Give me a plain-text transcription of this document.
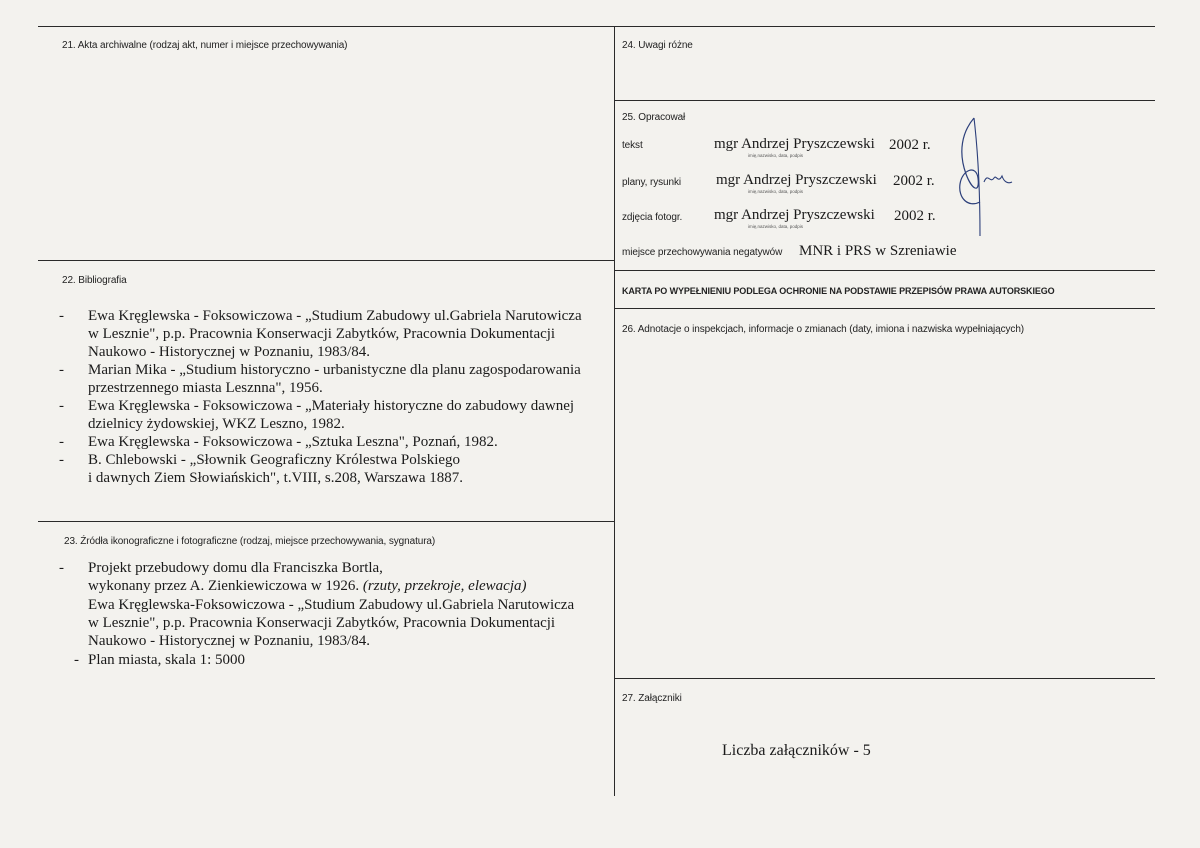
21. Akta archiwalne (rodzaj akt, numer i miejsce przechowywania)
22. Bibliografia
- Ewa Kręglewska - Foksowiczowa - „Studium Zabudowy ul.Gabriela Narutowicza
w Lesznie", p.p. Pracownia Konserwacji Zabytków, Pracownia Dokumentacji
Naukowo - Historycznej w Poznaniu, 1983/84.
- Marian Mika - „Studium historyczno - urbanistyczne dla planu zagospodarowania
przestrzennego miasta Lesznna", 1956.
- Ewa Kręglewska - Foksowiczowa - „Materiały historyczne do zabudowy dawnej
dzielnicy żydowskiej, WKZ Leszno, 1982.
- Ewa Kręglewska - Foksowiczowa - „Sztuka Leszna", Poznań, 1982.
- B. Chlebowski - „Słownik Geograficzny Królestwa Polskiego
i dawnych Ziem Słowiańskich", t.VIII, s.208, Warszawa 1887.
23. Źródła ikonograficzne i fotograficzne (rodzaj, miejsce przechowywania, sygnatura)
- Projekt przebudowy domu dla Franciszka Bortla,
wykonany przez A. Zienkiewiczowa w 1926. (rzuty, przekroje, elewacja)
Ewa Kręglewska-Foksowiczowa - „Studium Zabudowy ul.Gabriela Narutowicza
w Lesznie", p.p. Pracownia Konserwacji Zabytków, Pracownia Dokumentacji
Naukowo - Historycznej w Poznaniu, 1983/84.
- Plan miasta, skala 1: 5000
24. Uwagi różne
25. Opracował
tekst	mgr Andrzej Pryszczewski 2002 r.
imię,nazwisko, data, podpis
plany, rysunki mgr Andrzej Pryszczewski 2002 r.
imię,nazwisko, data, podpis
zdjęcia fotogr. mgr Andrzej Pryszczewski 2002 r.
imię,nazwisko, data, podpis
miejsce przechowywania negatywów MNR i PRS w Szreniawie
KARTA PO WYPEŁNIENIU PODLEGA OCHRONIE NA PODSTAWIE PRZEPISÓW PRAWA AUTORSKIEGO
26. Adnotacje o inspekcjach, informacje o zmianach (daty, imiona i nazwiska wypełniających)
27. Załączniki
Liczba załączników - 5
